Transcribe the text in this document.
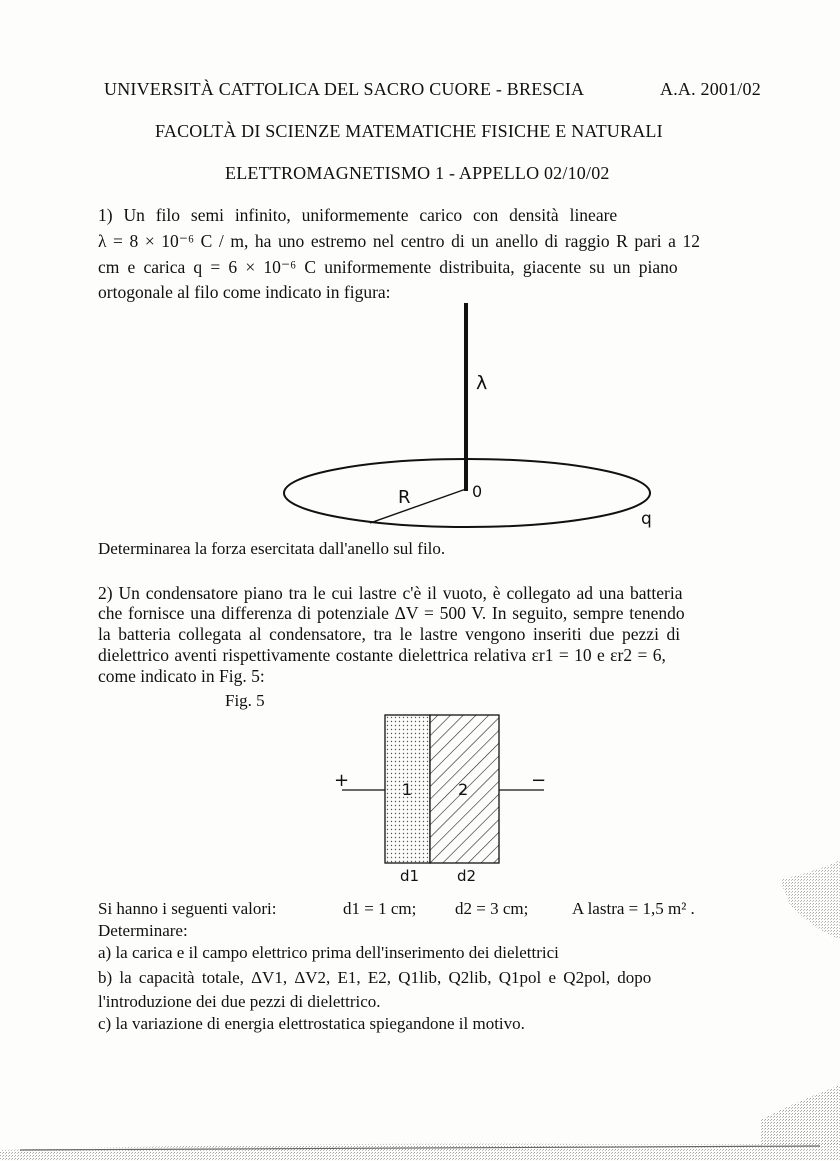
UNIVERSITÀ CATTOLICA DEL SACRO CUORE - BRESCIA	A.A. 2001/02
FACOLTÀ DI SCIENZE MATEMATICHE FISICHE E NATURALI
ELETTROMAGNETISMO 1 - APPELLO 02/10/02
1) Un filo semi infinito, uniformemente carico con densità lineare
λ = 8 × 10⁻⁶ C / m, ha uno estremo nel centro di un anello di raggio R pari a 12
cm e carica q = 6 × 10⁻⁶ C uniformemente distribuita, giacente su un piano
ortogonale al filo come indicato in figura:
λ
R	0
q
Determinarea la forza esercitata dall'anello sul filo.
2) Un condensatore piano tra le cui lastre c'è il vuoto, è collegato ad una batteria
che fornisce una differenza di potenziale ΔV = 500 V. In seguito, sempre tenendo
la batteria collegata al condensatore, tra le lastre vengono inseriti due pezzi di
dielettrico aventi rispettivamente costante dielettrica relativa εr1 = 10 e εr2 = 6,
come indicato in Fig. 5:
Fig. 5
+	−
1	2
d1	d2
Si hanno i seguenti valori:	d1 = 1 cm; d2 = 3 cm;	A lastra = 1,5 m² .
Determinare:
a) la carica e il campo elettrico prima dell'inserimento dei dielettrici
b) la capacità totale, ΔV1, ΔV2, E1, E2, Q1lib, Q2lib, Q1pol e Q2pol, dopo
l'introduzione dei due pezzi di dielettrico.
c) la variazione di energia elettrostatica spiegandone il motivo.
